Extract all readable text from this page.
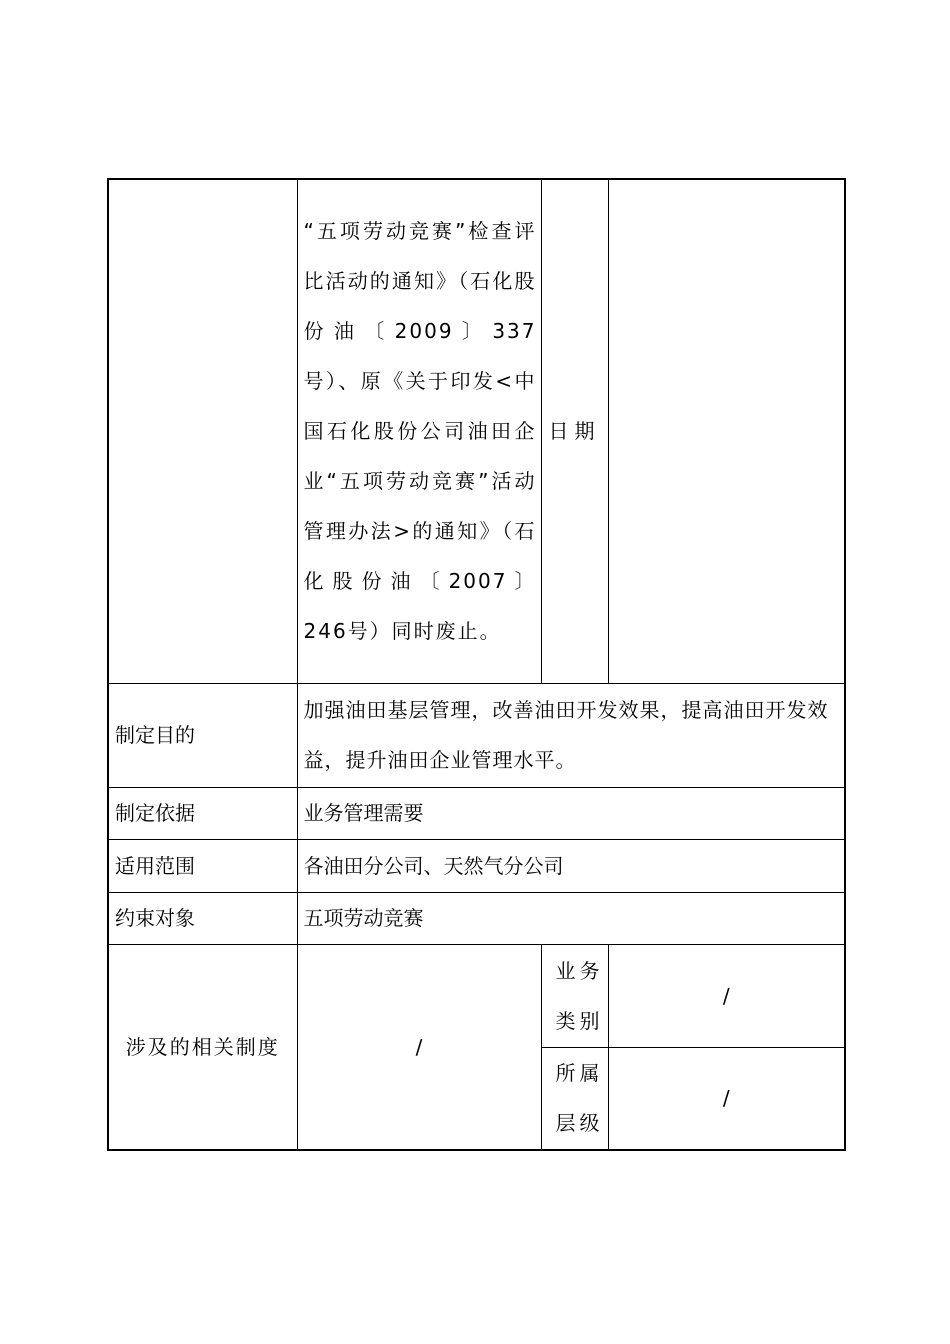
	“五项劳动竞赛”检查评比活动的通知》（石化股份油〔2009〕337号）、原《关于印发<中国石化股份公司油田企业“五项劳动竞赛”活动管理办法>的通知》（石化股份油〔2007〕246号）同时废止。	日期	
制定目的	加强油田基层管理，改善油田开发效果，提高油田开发效益，提升油田企业管理水平。		
制定依据	业务管理需要		
适用范围	各油田分公司、天然气分公司		
约束对象	五项劳动竞赛		
涉及的相关制度	/	业务类别	/
		所属层级	/
